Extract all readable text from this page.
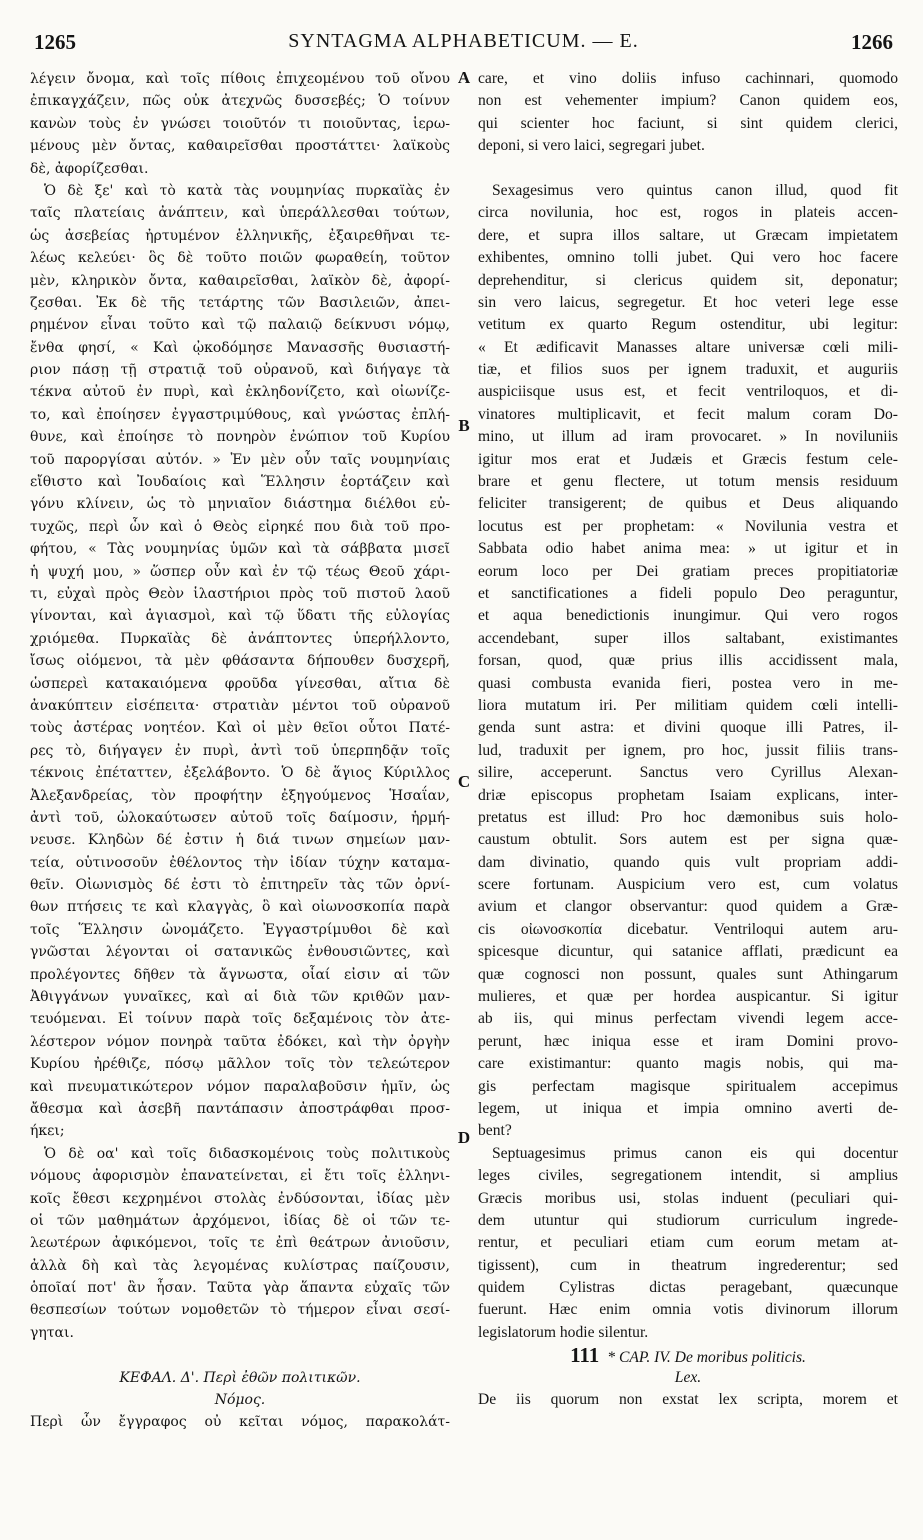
1265	SYNTAGMA ALPHABETICUM. — E.	1266
λέγειν ὄνομα, καὶ τοῖς πίθοις ἐπιχεομένου τοῦ οἴνου
ἐπικαγχάζειν, πῶς οὐκ ἀτεχνῶς δυσσεβές; Ὁ τοίνυν
κανὼν τοὺς ἐν γνώσει τοιοῦτόν τι ποιοῦντας, ἱερω-
μένους μὲν ὄντας, καθαιρεῖσθαι προστάττει· λαϊκοὺς
δὲ, ἀφορίζεσθαι.
Ὁ δὲ ξε' καὶ τὸ κατὰ τὰς νουμηνίας πυρκαϊὰς ἐν
ταῖς πλατείαις ἀνάπτειν, καὶ ὑπεράλλεσθαι τούτων,
ὡς ἀσεβείας ἠρτυμένον ἑλληνικῆς, ἐξαιρεθῆναι τε-
λέως κελεύει· ὃς δὲ τοῦτο ποιῶν φωραθείη, τοῦτον
μὲν, κληρικὸν ὄντα, καθαιρεῖσθαι, λαϊκὸν δὲ, ἀφορί-
ζεσθαι. Ἐκ δὲ τῆς τετάρτης τῶν Βασιλειῶν, ἀπει-
ρημένον εἶναι τοῦτο καὶ τῷ παλαιῷ δείκνυσι νόμῳ,
ἔνθα φησί, « Καὶ ᾠκοδόμησε Μανασσῆς θυσιαστή-
ριον πάσῃ τῇ στρατιᾷ τοῦ οὐρανοῦ, καὶ διήγαγε τὰ
τέκνα αὐτοῦ ἐν πυρὶ, καὶ ἐκληδονίζετο, καὶ οἰωνίζε-
το, καὶ ἐποίησεν ἐγγαστριμύθους, καὶ γνώστας ἐπλή-
θυνε, καὶ ἐποίησε τὸ πονηρὸν ἐνώπιον τοῦ Κυρίου
τοῦ παροργίσαι αὐτόν. » Ἐν μὲν οὖν ταῖς νουμηνίαις
εἴθιστο καὶ Ἰουδαίοις καὶ Ἕλλησιν ἑορτάζειν καὶ
γόνυ κλίνειν, ὡς τὸ μηνιαῖον διάστημα διέλθοι εὐ-
τυχῶς, περὶ ὧν καὶ ὁ Θεὸς εἰρηκέ που διὰ τοῦ προ-
φήτου, « Τὰς νουμηνίας ὑμῶν καὶ τὰ σάββατα μισεῖ
ἡ ψυχή μου, » ὥσπερ οὖν καὶ ἐν τῷ τέως Θεοῦ χάρι-
τι, εὐχαὶ πρὸς Θεὸν ἱλαστήριοι πρὸς τοῦ πιστοῦ λαοῦ
γίνονται, καὶ ἁγιασμοὶ, καὶ τῷ ὕδατι τῆς εὐλογίας
χριόμεθα. Πυρκαϊὰς δὲ ἀνάπτοντες ὑπερήλλοντο,
ἴσως οἰόμενοι, τὰ μὲν φθάσαντα δήπουθεν δυσχερῆ,
ὡσπερεὶ κατακαιόμενα φροῦδα γίνεσθαι, αἴτια δὲ
ἀνακύπτειν εἰσέπειτα· στρατιὰν μέντοι τοῦ οὐρανοῦ
τοὺς ἀστέρας νοητέον. Καὶ οἱ μὲν θεῖοι οὗτοι Πατέ-
ρες τὸ, διήγαγεν ἐν πυρὶ, ἀντὶ τοῦ ὑπερπηδᾷν τοῖς
τέκνοις ἐπέταττεν, ἐξελάβοντο. Ὁ δὲ ἅγιος Κύριλλος
Ἀλεξανδρείας, τὸν προφήτην ἐξηγούμενος Ἡσαΐαν,
ἀντὶ τοῦ, ὡλοκαύτωσεν αὐτοῦ τοῖς δαίμοσιν, ἡρμή-
νευσε. Κληδὼν δέ ἐστιν ἡ διά τινων σημείων μαν-
τεία, οὑτινοσοῦν ἐθέλοντος τὴν ἰδίαν τύχην καταμα-
θεῖν. Οἰωνισμὸς δέ ἐστι τὸ ἐπιτηρεῖν τὰς τῶν ὀρνί-
θων πτήσεις τε καὶ κλαγγὰς, ὃ καὶ οἰωνοσκοπία παρὰ
τοῖς Ἕλλησιν ὠνομάζετο. Ἐγγαστρίμυθοι δὲ καὶ
γνῶσται λέγονται οἱ σατανικῶς ἐνθουσιῶντες, καὶ
προλέγοντες δῆθεν τὰ ἄγνωστα, οἷαί εἰσιν αἱ τῶν
Ἀθιγγάνων γυναῖκες, καὶ αἱ διὰ τῶν κριθῶν μαν-
τευόμεναι. Εἰ τοίνυν παρὰ τοῖς δεξαμένοις τὸν ἀτε-
λέστερον νόμον πονηρὰ ταῦτα ἐδόκει, καὶ τὴν ὀργὴν
Κυρίου ἠρέθιζε, πόσῳ μᾶλλον τοῖς τὸν τελεώτερον
καὶ πνευματικώτερον νόμον παραλαβοῦσιν ἡμῖν, ὡς
ἄθεσμα καὶ ἀσεβῆ παντάπασιν ἀποστράφθαι προσ-
ήκει;
Ὁ δὲ οα' καὶ τοῖς διδασκομένοις τοὺς πολιτικοὺς
νόμους ἀφορισμὸν ἐπανατείνεται, εἰ ἔτι τοῖς ἑλληνι-
κοῖς ἔθεσι κεχρημένοι στολὰς ἐνδύσονται, ἰδίας μὲν
οἱ τῶν μαθημάτων ἀρχόμενοι, ἰδίας δὲ οἱ τῶν τε-
λεωτέρων ἀφικόμενοι, τοῖς τε ἐπὶ θεάτρων ἀνιοῦσιν,
ἀλλὰ δὴ καὶ τὰς λεγομένας κυλίστρας παίζουσιν,
ὁποῖαί ποτ' ἂν ἦσαν. Ταῦτα γὰρ ἅπαντα εὐχαῖς τῶν
θεσπεσίων τούτων νομοθετῶν τὸ τήμερον εἶναι σεσί-
γηται.
ΚΕΦΑΛ. Δ'. Περὶ ἐθῶν πολιτικῶν.
Νόμος.
Περὶ ὧν ἔγγραφος οὐ κεῖται νόμος, παρακολάτ-
A
B
C
D
care, et vino doliis infuso cachinnari, quomodo
non est vehementer impium? Canon quidem eos,
qui scienter hoc faciunt, si sint quidem clerici,
deponi, si vero laici, segregari jubet.
Sexagesimus vero quintus canon illud, quod fit
circa novilunia, hoc est, rogos in plateis accen-
dere, et supra illos saltare, ut Græcam impietatem
exhibentes, omnino tolli jubet. Qui vero hoc facere
deprehenditur, si clericus quidem sit, deponatur;
sin vero laicus, segregetur. Et hoc veteri lege esse
vetitum ex quarto Regum ostenditur, ubi legitur:
« Et ædificavit Manasses altare universæ cœli mili-
tiæ, et filios suos per ignem traduxit, et auguriis
auspiciisque usus est, et fecit ventriloquos, et di-
vinatores multiplicavit, et fecit malum coram Do-
mino, ut illum ad iram provocaret. » In noviluniis
igitur mos erat et Judæis et Græcis festum cele-
brare et genu flectere, ut totum mensis residuum
feliciter transigerent; de quibus et Deus aliquando
locutus est per prophetam: « Novilunia vestra et
Sabbata odio habet anima mea: » ut igitur et in
eorum loco per Dei gratiam preces propitiatoriæ
et sanctificationes a fideli populo Deo peraguntur,
et aqua benedictionis inungimur. Qui vero rogos
accendebant, super illos saltabant, existimantes
forsan, quod, quæ prius illis accidissent mala,
quasi combusta evanida fieri, postea vero in me-
liora mutatum iri. Per militiam quidem cœli intelli-
genda sunt astra: et divini quoque illi Patres, il-
lud, traduxit per ignem, pro hoc, jussit filiis trans-
silire, acceperunt. Sanctus vero Cyrillus Alexan-
driæ episcopus prophetam Isaiam explicans, inter-
pretatus est illud: Pro hoc dæmonibus suis holo-
caustum obtulit. Sors autem est per signa quæ-
dam divinatio, quando quis vult propriam addi-
scere fortunam. Auspicium vero est, cum volatus
avium et clangor observantur: quod quidem a Græ-
cis οἰωνοσκοπία dicebatur. Ventriloqui autem aru-
spicesque dicuntur, qui satanice afflati, prædicunt ea
quæ cognosci non possunt, quales sunt Athingarum
mulieres, et quæ per hordea auspicantur. Si igitur
ab iis, qui minus perfectam vivendi legem acce-
perunt, hæc iniqua esse et iram Domini provo-
care existimantur: quanto magis nobis, qui ma-
gis perfectam magisque spiritualem accepimus
legem, ut iniqua et impia omnino averti de-
bent?
Septuagesimus primus canon eis qui docentur
leges civiles, segregationem intendit, si amplius
Græcis moribus usi, stolas induent (peculiari qui-
dem utuntur qui studiorum curriculum ingrede-
rentur, et peculiari etiam cum eorum metam at-
tigissent), cum in theatrum ingrederentur; sed
quidem Cylistras dictas peragebant, quæcunque
fuerunt. Hæc enim omnia votis divinorum illorum
legislatorum hodie silentur.
111 * CAP. IV. De moribus politicis.
Lex.
De iis quorum non exstat lex scripta, morem et
